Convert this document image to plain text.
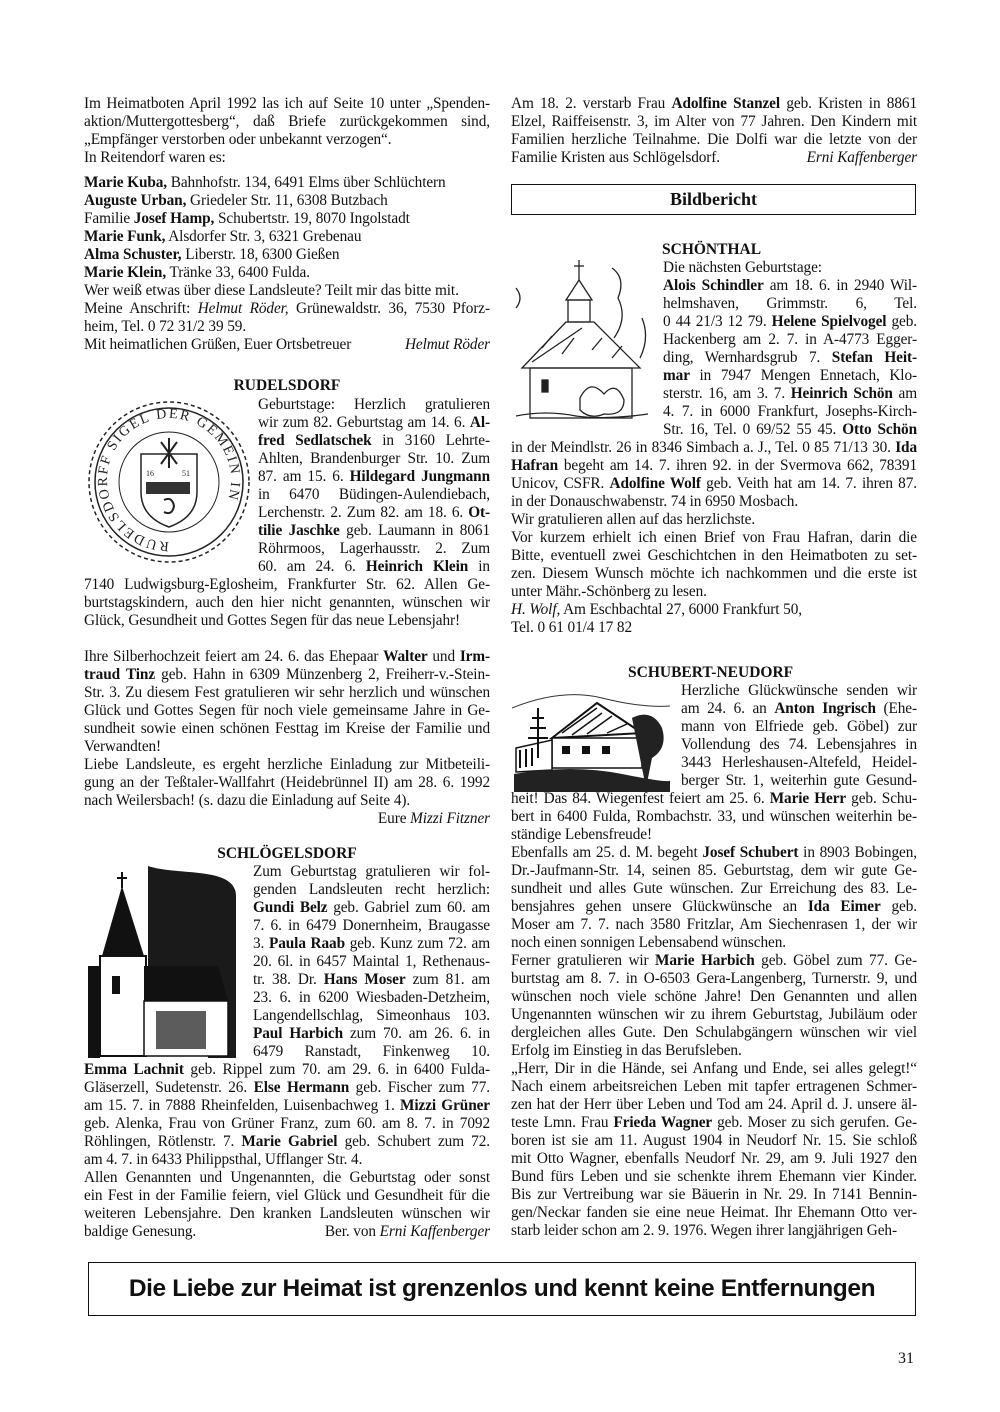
Im Heimatboten April 1992 las ich auf Seite 10 unter „Spenden-
aktion/Muttergottesberg“, daß Briefe zurückgekommen sind,
„Empfänger verstorben oder unbekannt verzogen“.
In Reitendorf waren es:
Marie Kuba, Bahnhofstr. 134, 6491 Elms über Schlüchtern
Auguste Urban, Griedeler Str. 11, 6308 Butzbach
Familie Josef Hamp, Schubertstr. 19, 8070 Ingolstadt
Marie Funk, Alsdorfer Str. 3, 6321 Grebenau
Alma Schuster, Liberstr. 18, 6300 Gießen
Marie Klein, Tränke 33, 6400 Fulda.
Wer weiß etwas über diese Landsleute? Teilt mir das bitte mit.
Meine Anschrift: Helmut Röder, Grünewaldstr. 36, 7530 Pforz-
heim, Tel. 0 72 31/2 39 59.
Mit heimatlichen Grüßen, Euer Ortsbetreuer	Helmut Röder
RUDELSDORF
RUDELSDORFF SIGEL DER GEMEIN IN
16	51
Geburtstage: Herzlich gratulieren
wir zum 82. Geburtstag am 14. 6. Al-
fred Sedlatschek in 3160 Lehrte-
Ahlten, Brandenburger Str. 10. Zum
87. am 15. 6. Hildegard Jungmann
in 6470 Büdingen-Aulendiebach,
Lerchenstr. 2. Zum 82. am 18. 6. Ot-
tilie Jaschke geb. Laumann in 8061
Röhrmoos, Lagerhausstr. 2. Zum
60. am 24. 6. Heinrich Klein in
7140 Ludwigsburg-Eglosheim, Frankfurter Str. 62. Allen Ge-
burtstagskindern, auch den hier nicht genannten, wünschen wir
Glück, Gesundheit und Gottes Segen für das neue Lebensjahr!
Ihre Silberhochzeit feiert am 24. 6. das Ehepaar Walter und Irm-
traud Tinz geb. Hahn in 6309 Münzenberg 2, Freiherr-v.-Stein-
Str. 3. Zu diesem Fest gratulieren wir sehr herzlich und wünschen
Glück und Gottes Segen für noch viele gemeinsame Jahre in Ge-
sundheit sowie einen schönen Festtag im Kreise der Familie und
Verwandten!
Liebe Landsleute, es ergeht herzliche Einladung zur Mitbeteili-
gung an der Teßtaler-Wallfahrt (Heidebrünnel II) am 28. 6. 1992
nach Weilersbach! (s. dazu die Einladung auf Seite 4).
Eure Mizzi Fitzner
SCHLÖGELSDORF
Zum Geburtstag gratulieren wir fol-
genden Landsleuten recht herzlich:
Gundi Belz geb. Gabriel zum 60. am
7. 6. in 6479 Donernheim, Braugasse
3. Paula Raab geb. Kunz zum 72. am
20. 6l. in 6457 Maintal 1, Rethenaus-
tr. 38. Dr. Hans Moser zum 81. am
23. 6. in 6200 Wiesbaden-Detzheim,
Langendellschlag, Simeonhaus 103.
Paul Harbich zum 70. am 26. 6. in
6479 Ranstadt, Finkenweg 10.
Emma Lachnit geb. Rippel zum 70. am 29. 6. in 6400 Fulda-
Gläserzell, Sudetenstr. 26. Else Hermann geb. Fischer zum 77.
am 15. 7. in 7888 Rheinfelden, Luisenbachweg 1. Mizzi Grüner
geb. Alenka, Frau von Grüner Franz, zum 60. am 8. 7. in 7092
Röhlingen, Rötlenstr. 7. Marie Gabriel geb. Schubert zum 72.
am 4. 7. in 6433 Philippsthal, Ufflanger Str. 4.
Allen Genannten und Ungenannten, die Geburtstag oder sonst
ein Fest in der Familie feiern, viel Glück und Gesundheit für die
weiteren Lebensjahre. Den kranken Landsleuten wünschen wir
baldige Genesung.	Ber. von Erni Kaffenberger
Am 18. 2. verstarb Frau Adolfine Stanzel geb. Kristen in 8861
Elzel, Raiffeisenstr. 3, im Alter von 77 Jahren. Den Kindern mit
Familien herzliche Teilnahme. Die Dolfi war die letzte von der
Familie Kristen aus Schlögelsdorf.	Erni Kaffenberger
Bildbericht
SCHÖNTHAL
Die nächsten Geburtstage:
Alois Schindler am 18. 6. in 2940 Wil-
helmshaven, Grimmstr. 6, Tel.
0 44 21/3 12 79. Helene Spielvogel geb.
Hackenberg am 2. 7. in A-4773 Egger-
ding, Wernhardsgrub 7. Stefan Heit-
mar in 7947 Mengen Ennetach, Klo-
sterstr. 16, am 3. 7. Heinrich Schön am
4. 7. in 6000 Frankfurt, Josephs-Kirch-
Str. 16, Tel. 0 69/52 55 45. Otto Schön
in der Meindlstr. 26 in 8346 Simbach a. J., Tel. 0 85 71/13 30. Ida
Hafran begeht am 14. 7. ihren 92. in der Svermova 662, 78391
Unicov, CSFR. Adolfine Wolf geb. Veith hat am 14. 7. ihren 87.
in der Donauschwabenstr. 74 in 6950 Mosbach.
Wir gratulieren allen auf das herzlichste.
Vor kurzem erhielt ich einen Brief von Frau Hafran, darin die
Bitte, eventuell zwei Geschichtchen in den Heimatboten zu set-
zen. Diesem Wunsch möchte ich nachkommen und die erste ist
unter Mähr.-Schönberg zu lesen.
H. Wolf, Am Eschbachtal 27, 6000 Frankfurt 50,
Tel. 0 61 01/4 17 82
SCHUBERT-NEUDORF
Herzliche Glückwünsche senden wir
am 24. 6. an Anton Ingrisch (Ehe-
mann von Elfriede geb. Göbel) zur
Vollendung des 74. Lebensjahres in
3443 Herleshausen-Altefeld, Heidel-
berger Str. 1, weiterhin gute Gesund-
heit! Das 84. Wiegenfest feiert am 25. 6. Marie Herr geb. Schu-
bert in 6400 Fulda, Rombachstr. 33, und wünschen weiterhin be-
ständige Lebensfreude!
Ebenfalls am 25. d. M. begeht Josef Schubert in 8903 Bobingen,
Dr.-Jaufmann-Str. 14, seinen 85. Geburtstag, dem wir gute Ge-
sundheit und alles Gute wünschen. Zur Erreichung des 83. Le-
bensjahres gehen unsere Glückwünsche an Ida Eimer geb.
Moser am 7. 7. nach 3580 Fritzlar, Am Siechenrasen 1, der wir
noch einen sonnigen Lebensabend wünschen.
Ferner gratulieren wir Marie Harbich geb. Göbel zum 77. Ge-
burtstag am 8. 7. in O-6503 Gera-Langenberg, Turnerstr. 9, und
wünschen noch viele schöne Jahre! Den Genannten und allen
Ungenannten wünschen wir zu ihrem Geburtstag, Jubiläum oder
dergleichen alles Gute. Den Schulabgängern wünschen wir viel
Erfolg im Einstieg in das Berufsleben.
„Herr, Dir in die Hände, sei Anfang und Ende, sei alles gelegt!“
Nach einem arbeitsreichen Leben mit tapfer ertragenen Schmer-
zen hat der Herr über Leben und Tod am 24. April d. J. unsere äl-
teste Lmn. Frau Frieda Wagner geb. Moser zu sich gerufen. Ge-
boren ist sie am 11. August 1904 in Neudorf Nr. 15. Sie schloß
mit Otto Wagner, ebenfalls Neudorf Nr. 29, am 9. Juli 1927 den
Bund fürs Leben und sie schenkte ihrem Ehemann vier Kinder.
Bis zur Vertreibung war sie Bäuerin in Nr. 29. In 7141 Bennin-
gen/Neckar fanden sie eine neue Heimat. Ihr Ehemann Otto ver-
starb leider schon am 2. 9. 1976. Wegen ihrer langjährigen Geh-
Die Liebe zur Heimat ist grenzenlos und kennt keine Entfernungen
31
